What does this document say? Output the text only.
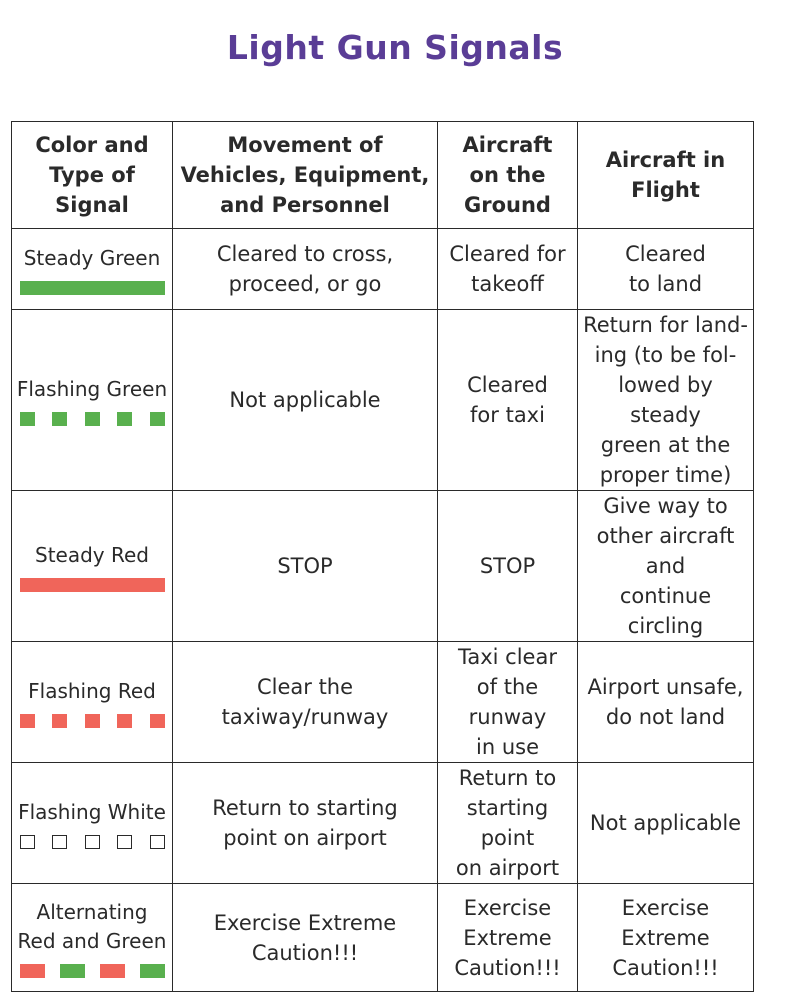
Light Gun Signals
Color and
Type of
Signal	Movement of
Vehicles, Equipment,
and Personnel	Aircraft
on the
Ground	Aircraft in
Flight

Steady Green	Cleared to cross,
proceed, or go	Cleared for
takeoff	Cleared
to land

Flashing Green	Not applicable	Cleared
for taxi	Return for land-
ing (to be fol-
lowed by steady
green at the
proper time)

Steady Red	STOP	STOP	Give way to
other aircraft and
continue circling

Flashing Red	Clear the
taxiway/runway	Taxi clear
of the runway
in use	Airport unsafe,
do not land

Flashing White	Return to starting
point on airport	Return to
starting point
on airport	Not applicable

Alternating
Red and Green	Exercise Extreme
Caution!!!	Exercise
Extreme
Caution!!!	Exercise
Extreme
Caution!!!
